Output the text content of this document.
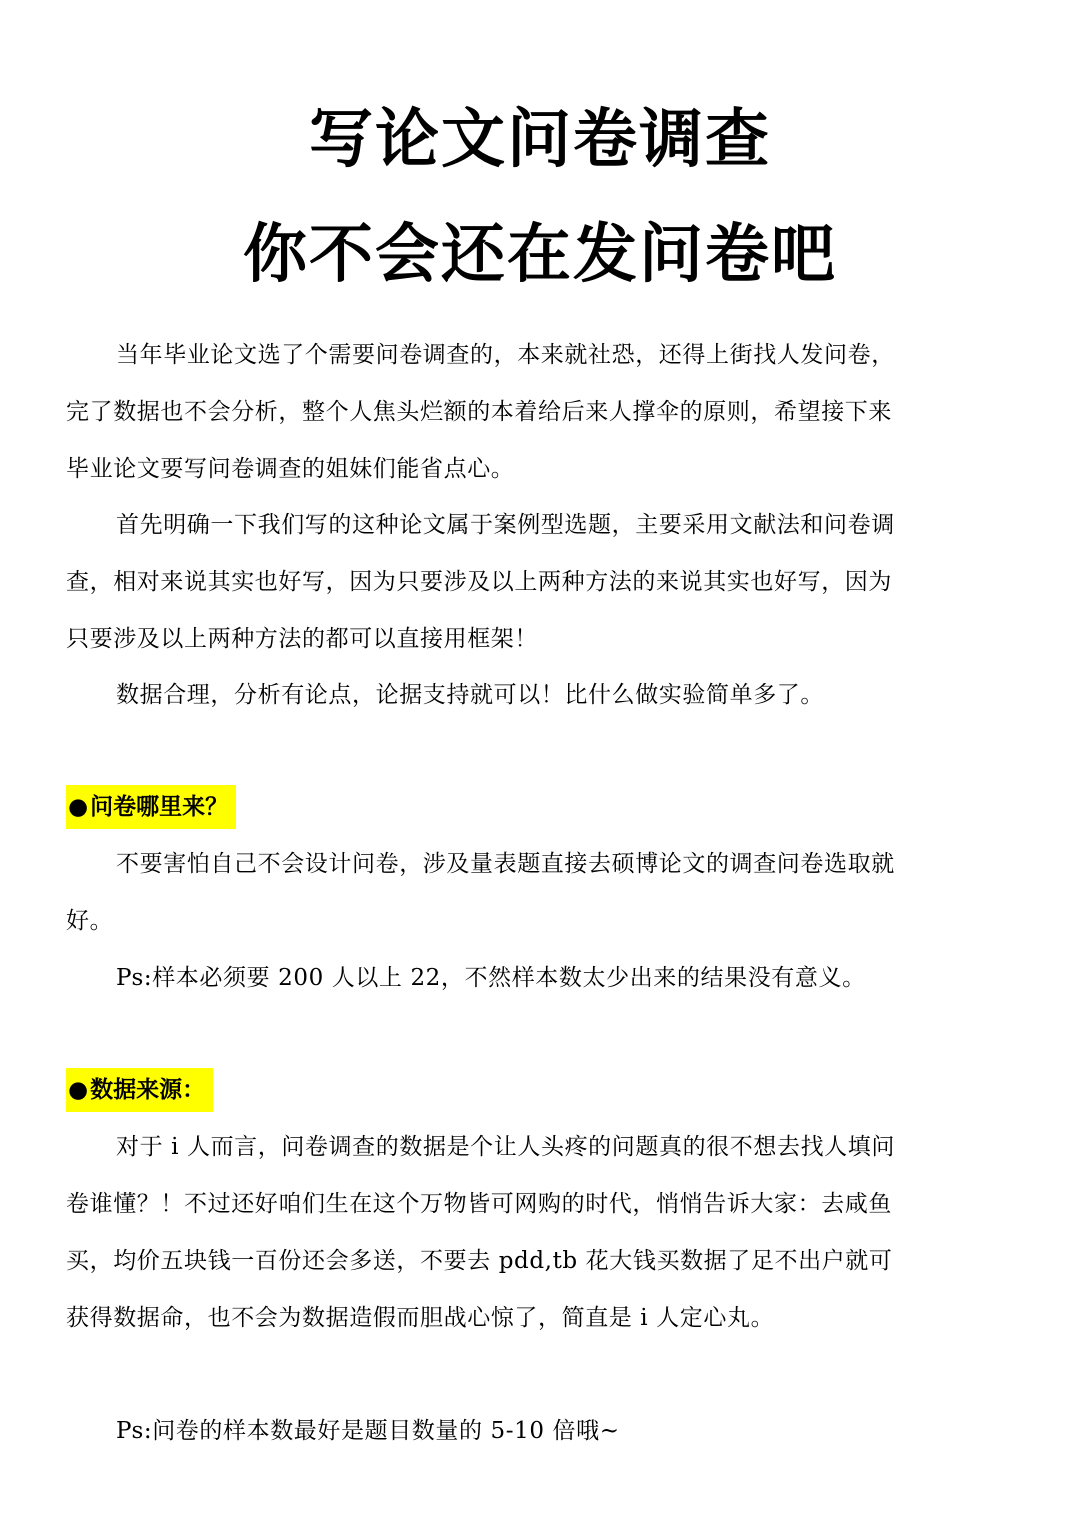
写论文问卷调查
你不会还在发问卷吧
当年毕业论文选了个需要问卷调查的，本来就社恐，还得上街找人发问卷，完了数据也不会分析，整个人焦头烂额的本着给后来人撑伞的原则，希望接下来毕业论文要写问卷调查的姐妹们能省点心。
首先明确一下我们写的这种论文属于案例型选题，主要采用文献法和问卷调查，相对来说其实也好写，因为只要涉及以上两种方法的来说其实也好写，因为只要涉及以上两种方法的都可以直接用框架！
数据合理，分析有论点，论据支持就可以！比什么做实验简单多了。
●问卷哪里来？
不要害怕自己不会设计问卷，涉及量表题直接去硕博论文的调查问卷选取就好。
Ps:样本必须要 200 人以上 22，不然样本数太少出来的结果没有意义。
●数据来源：
对于 i 人而言，问卷调查的数据是个让人头疼的问题真的很不想去找人填问卷谁懂？！不过还好咱们生在这个万物皆可网购的时代，悄悄告诉大家：去咸鱼买，均价五块钱一百份还会多送，不要去 pdd,tb 花大钱买数据了足不出户就可获得数据命，也不会为数据造假而胆战心惊了，简直是 i 人定心丸。
Ps:问卷的样本数最好是题目数量的 5-10 倍哦~
